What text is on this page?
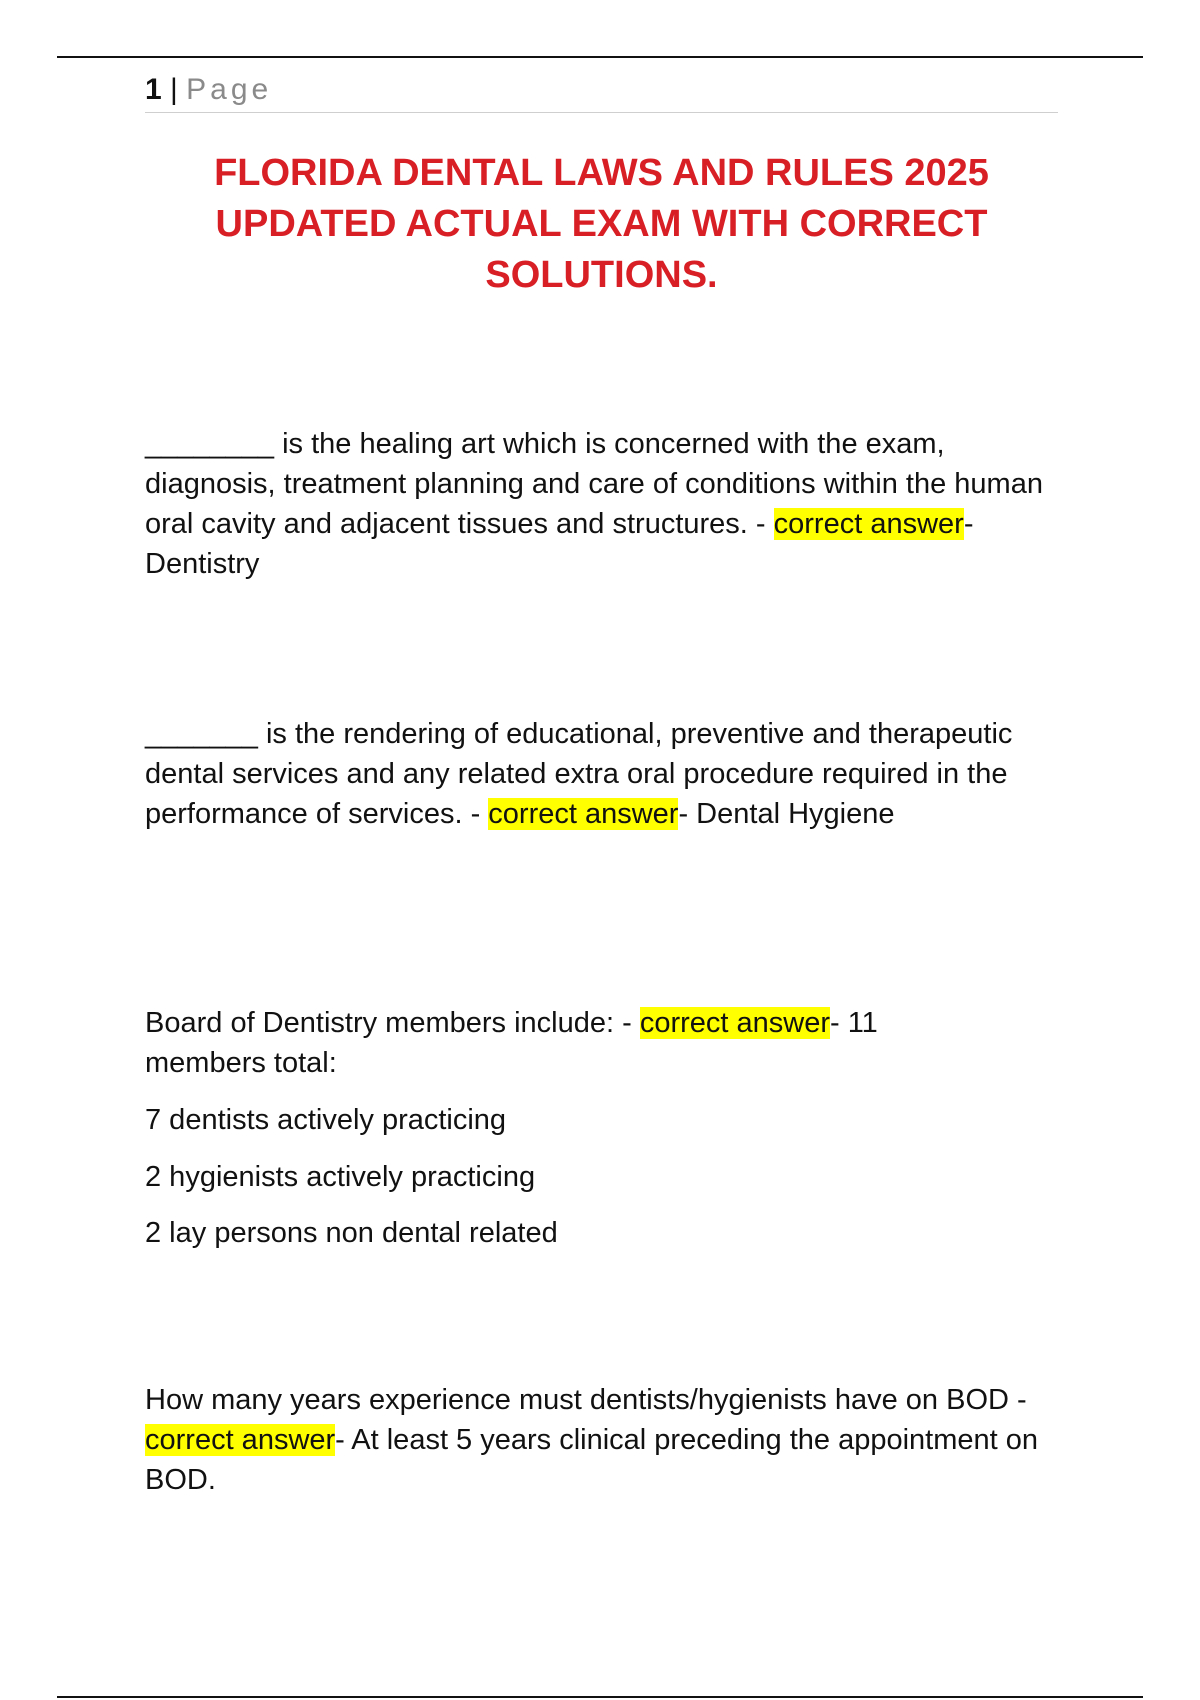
1 | Page
FLORIDA DENTAL LAWS AND RULES 2025 UPDATED ACTUAL EXAM WITH CORRECT SOLUTIONS.

________ is the healing art which is concerned with the exam, diagnosis, treatment planning and care of conditions within the human oral cavity and adjacent tissues and structures. - correct answer- Dentistry

_______ is the rendering of educational, preventive and therapeutic dental services and any related extra oral procedure required in the performance of services. - correct answer- Dental Hygiene

Board of Dentistry members include: - correct answer- 11 members total:

7 dentists actively practicing

2 hygienists actively practicing

2 lay persons non dental related

How many years experience must dentists/hygienists have on BOD - correct answer- At least 5 years clinical preceding the appointment on BOD.
